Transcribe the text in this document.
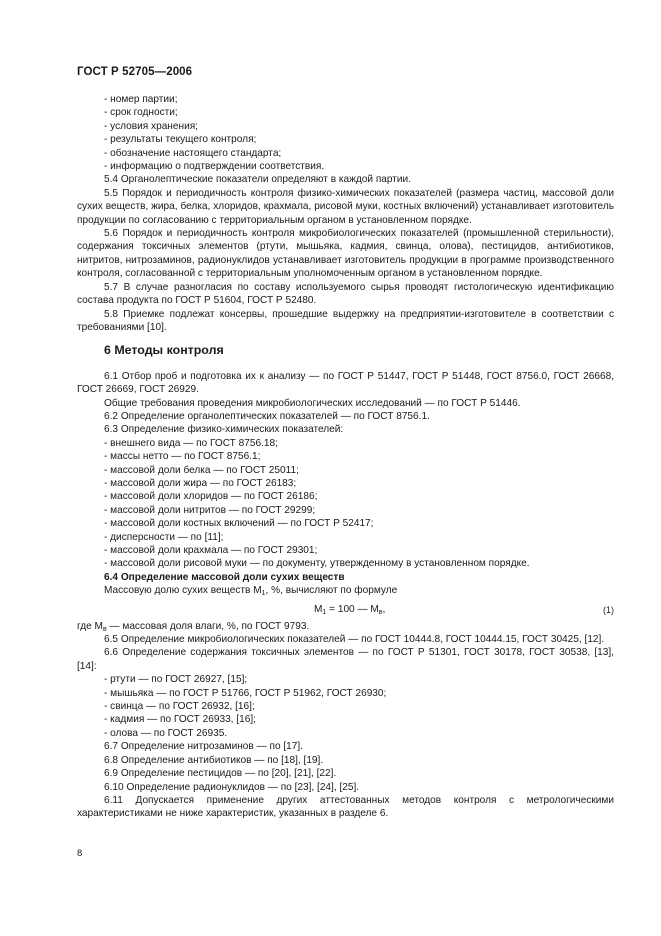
ГОСТ Р 52705—2006

- номер партии;

- срок годности;

- условия хранения;

- результаты текущего контроля;

- обозначение настоящего стандарта;

- информацию о подтверждении соответствия.

5.4 Органолептические показатели определяют в каждой партии.

5.5 Порядок и периодичность контроля физико-химических показателей (размера частиц, массовой доли сухих веществ, жира, белка, хлоридов, крахмала, рисовой муки, костных включений) устанавливает изготовитель продукции по согласованию с территориальным органом в установленном порядке.

5.6 Порядок и периодичность контроля микробиологических показателей (промышленной стерильности), содержания токсичных элементов (ртути, мышьяка, кадмия, свинца, олова), пестицидов, антибиотиков, нитритов, нитрозаминов, радионуклидов устанавливает изготовитель продукции в программе производственного контроля, согласованной с территориальным уполномоченным органом в установленном порядке.

5.7 В случае разногласия по составу используемого сырья проводят гистологическую идентификацию состава продукта по ГОСТ Р 51604, ГОСТ Р 52480.

5.8 Приемке подлежат консервы, прошедшие выдержку на предприятии-изготовителе в соответствии с требованиями [10].

6 Методы контроля

6.1 Отбор проб и подготовка их к анализу — по ГОСТ Р 51447, ГОСТ Р 51448, ГОСТ 8756.0, ГОСТ 26668, ГОСТ 26669, ГОСТ 26929.

Общие требования проведения микробиологических исследований — по ГОСТ Р 51446.

6.2 Определение органолептических показателей — по ГОСТ 8756.1.

6.3 Определение физико-химических показателей:

- внешнего вида — по ГОСТ 8756.18;

- массы нетто — по ГОСТ 8756.1;

- массовой доли белка — по ГОСТ 25011;

- массовой доли жира — по ГОСТ 26183;

- массовой доли хлоридов — по ГОСТ 26186;

- массовой доли нитритов — по ГОСТ 29299;

- массовой доли костных включений — по ГОСТ Р 52417;

- дисперсности — по [11];

- массовой доли крахмала — по ГОСТ 29301;

- массовой доли рисовой муки — по документу, утвержденному в установленном порядке.

6.4 Определение массовой доли сухих веществ

Массовую долю сухих веществ $М_1$, %, вычисляют по формуле

$М_1 = 100$ — $М_в$,	(1)

где $М_в$ — массовая доля влаги, %, по ГОСТ 9793.

6.5 Определение микробиологических показателей — по ГОСТ 10444.8, ГОСТ 10444.15, ГОСТ 30425, [12].

6.6 Определение содержания токсичных элементов — по ГОСТ Р 51301, ГОСТ 30178, ГОСТ 30538, [13], [14]:

- ртути — по ГОСТ 26927, [15];

- мышьяка — по ГОСТ Р 51766, ГОСТ Р 51962, ГОСТ 26930;

- свинца — по ГОСТ 26932, [16];

- кадмия — по ГОСТ 26933, [16];

- олова — по ГОСТ 26935.

6.7 Определение нитрозаминов — по [17].

6.8 Определение антибиотиков — по [18], [19].

6.9 Определение пестицидов — по [20], [21], [22].

6.10 Определение радионуклидов — по [23], [24], [25].

6.11 Допускается применение других аттестованных методов контроля с метрологическими характеристиками не ниже характеристик, указанных в разделе 6.

8
